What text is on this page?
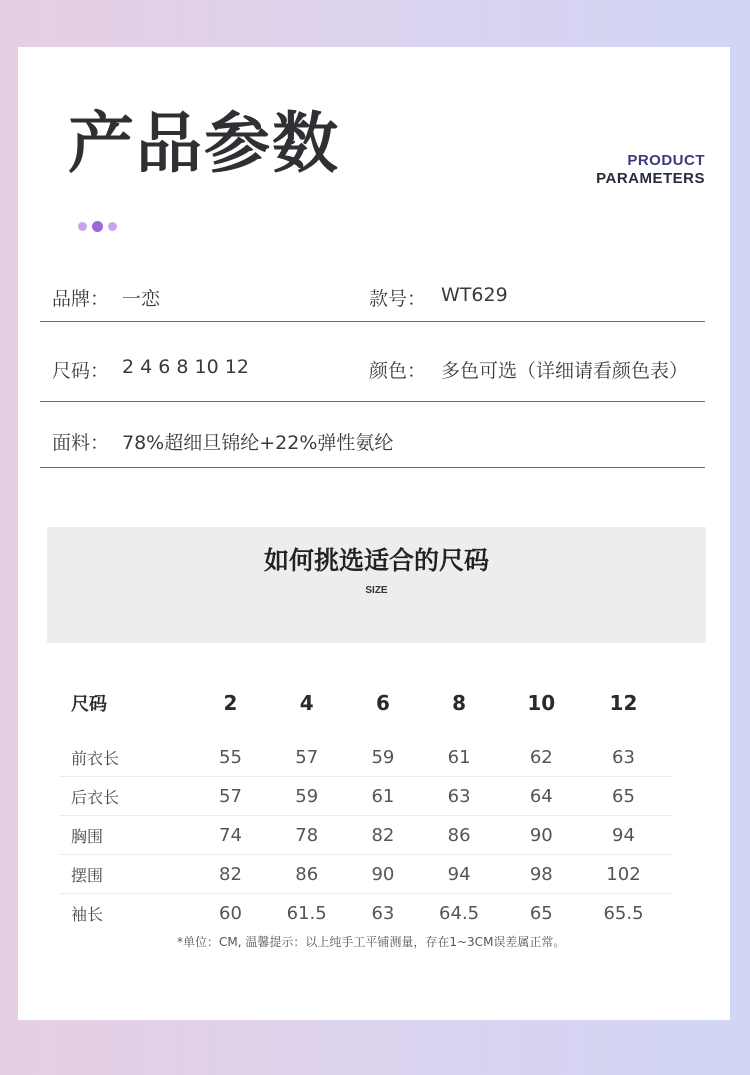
产品参数	PRODUCT
PARAMETERS
品牌： 一恋	款号： WT629
尺码： 2 4 6 8 10 12	颜色： 多色可选（详细请看颜色表）
面料： 78%超细旦锦纶+22%弹性氨纶
如何挑选适合的尺码
SIZE
尺码	2	4	6	8	10	12

前衣长	55	57	59	61	62	63
后衣长	57	59	61	63	64	65
胸围	74	78	82	86	90	94
摆围	82	86	90	94	98	102
袖长	60	61.5	63	64.5	65	65.5
*单位：CM, 温馨提示：以上纯手工平铺测量，存在1~3CM误差属正常。
